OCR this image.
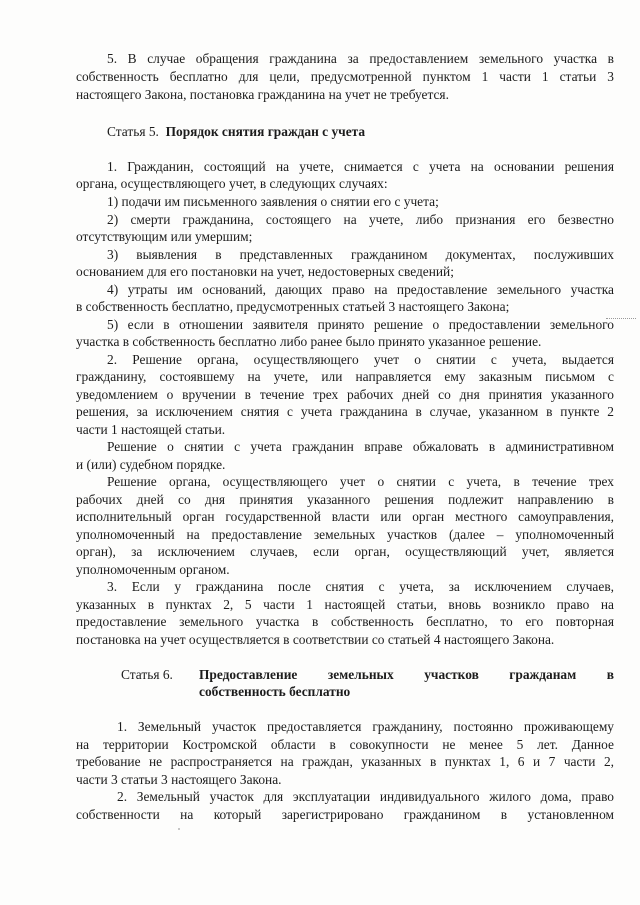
5. В случае обращения гражданина за предоставлением земельного участка в
собственность бесплатно для цели, предусмотренной пунктом 1 части 1 статьи 3
настоящего Закона, постановка гражданина на учет не требуется.
Статья 5. Порядок снятия граждан с учета
1. Гражданин, состоящий на учете, снимается с учета на основании решения
органа, осуществляющего учет, в следующих случаях:
1) подачи им письменного заявления о снятии его с учета;
2) смерти гражданина, состоящего на учете, либо признания его безвестно
отсутствующим или умершим;
3) выявления в представленных гражданином документах, послуживших
основанием для его постановки на учет, недостоверных сведений;
4) утраты им оснований, дающих право на предоставление земельного участка
в собственность бесплатно, предусмотренных статьей 3 настоящего Закона;
5) если в отношении заявителя принято решение о предоставлении земельного
участка в собственность бесплатно либо ранее было принято указанное решение.
2. Решение органа, осуществляющего учет о снятии с учета, выдается
гражданину, состоявшему на учете, или направляется ему заказным письмом с
уведомлением о вручении в течение трех рабочих дней со дня принятия указанного
решения, за исключением снятия с учета гражданина в случае, указанном в пункте 2
части 1 настоящей статьи.
Решение о снятии с учета гражданин вправе обжаловать в административном
и (или) судебном порядке.
Решение органа, осуществляющего учет о снятии с учета, в течение трех
рабочих дней со дня принятия указанного решения подлежит направлению в
исполнительный орган государственной власти или орган местного самоуправления,
уполномоченный на предоставление земельных участков (далее – уполномоченный
орган), за исключением случаев, если орган, осуществляющий учет, является
уполномоченным органом.
3. Если у гражданина после снятия с учета, за исключением случаев,
указанных в пунктах 2, 5 части 1 настоящей статьи, вновь возникло право на
предоставление земельного участка в собственность бесплатно, то его повторная
постановка на учет осуществляется в соответствии со статьей 4 настоящего Закона.
Статья 6.	Предоставление земельных участков гражданам в
собственность бесплатно
1. Земельный участок предоставляется гражданину, постоянно проживающему
на территории Костромской области в совокупности не менее 5 лет. Данное
требование не распространяется на граждан, указанных в пунктах 1, 6 и 7 части 2,
части 3 статьи 3 настоящего Закона.
2. Земельный участок для эксплуатации индивидуального жилого дома, право
собственности на который зарегистрировано гражданином в установленном
